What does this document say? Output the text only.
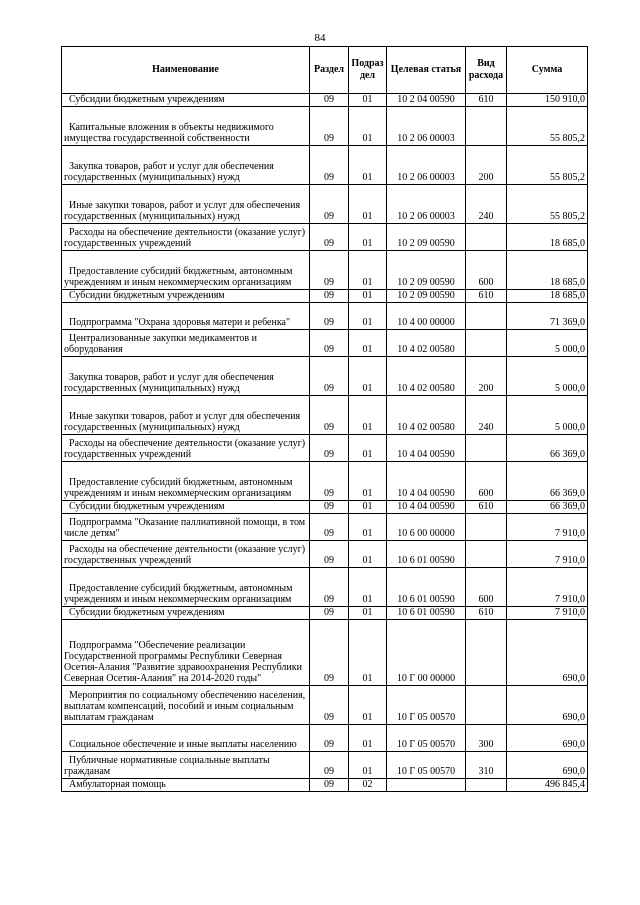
84
Наименование	Раздел	Подраз дел	Целевая статья	Вид расхода	Сумма

Субсидии бюджетным учреждениям	09	01	10 2 04 00590	610	150 910,0

Капитальные вложения в объекты недвижимого имущества государственной собственности	09	01	10 2 06 00003		55 805,2

Закупка товаров, работ и услуг для обеспечения государственных (муниципальных) нужд	09	01	10 2 06 00003	200	55 805,2

Иные закупки товаров, работ и услуг для обеспечения государственных (муниципальных) нужд	09	01	10 2 06 00003	240	55 805,2

Расходы на обеспечение деятельности (оказание услуг) государственных учреждений	09	01	10 2 09 00590		18 685,0

Предоставление субсидий бюджетным, автономным учреждениям и иным некоммерческим организациям	09	01	10 2 09 00590	600	18 685,0

Субсидии бюджетным учреждениям	09	01	10 2 09 00590	610	18 685,0

Подпрограмма "Охрана здоровья матери и ребенка"	09	01	10 4 00 00000		71 369,0

Централизованные закупки медикаментов и оборудования	09	01	10 4 02 00580		5 000,0

Закупка товаров, работ и услуг для обеспечения государственных (муниципальных) нужд	09	01	10 4 02 00580	200	5 000,0

Иные закупки товаров, работ и услуг для обеспечения государственных (муниципальных) нужд	09	01	10 4 02 00580	240	5 000,0

Расходы на обеспечение деятельности (оказание услуг) государственных учреждений	09	01	10 4 04 00590		66 369,0

Предоставление субсидий бюджетным, автономным учреждениям и иным некоммерческим организациям	09	01	10 4 04 00590	600	66 369,0

Субсидии бюджетным учреждениям	09	01	10 4 04 00590	610	66 369,0

Подпрограмма "Оказание паллиативной помощи, в том числе детям"	09	01	10 6 00 00000		7 910,0

Расходы на обеспечение деятельности (оказание услуг) государственных учреждений	09	01	10 6 01 00590		7 910,0

Предоставление субсидий бюджетным, автономным учреждениям и иным некоммерческим организациям	09	01	10 6 01 00590	600	7 910,0

Субсидии бюджетным учреждениям	09	01	10 6 01 00590	610	7 910,0

Подпрограмма "Обеспечение реализации Государственной программы Республики Северная Осетия-Алания "Развитие здравоохранения Республики Северная Осетия-Алания" на 2014-2020 годы"	09	01	10 Г 00 00000		690,0

Мероприятия по социальному обеспечению населения, выплатам компенсаций, пособий и иным социальным выплатам гражданам	09	01	10 Г 05 00570		690,0

Социальное обеспечение и иные выплаты населению	09	01	10 Г 05 00570	300	690,0

Публичные нормативные социальные выплаты гражданам	09	01	10 Г 05 00570	310	690,0

Амбулаторная помощь	09	02			496 845,4
